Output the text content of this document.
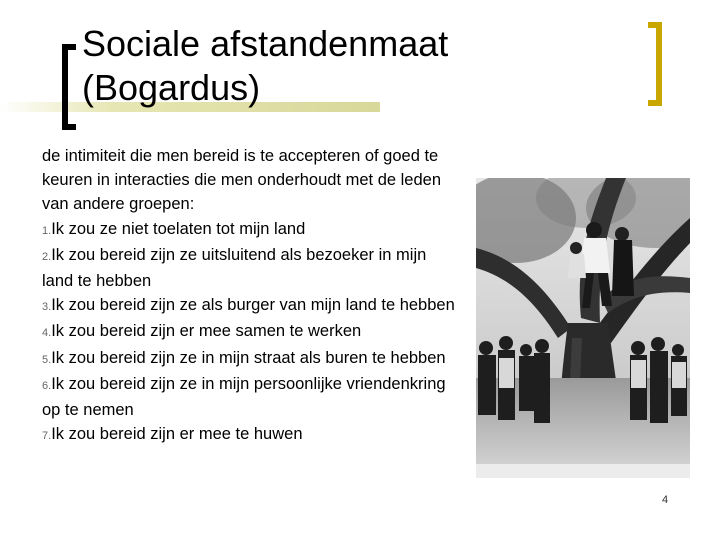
Sociale afstandenmaat
(Bogardus)

de intimiteit die men bereid is te accepteren of goed te keuren in interacties die men onderhoudt met de leden van andere groepen:

1.Ik zou ze niet toelaten tot mijn land
2.Ik zou bereid zijn ze uitsluitend als bezoeker in mijn land te hebben
3.Ik zou bereid zijn ze als burger van mijn land te hebben
4.Ik zou bereid zijn er mee samen te werken
5.Ik zou bereid zijn ze in mijn straat als buren te hebben
6.Ik zou bereid zijn ze in mijn persoonlijke vriendenkring op te nemen
7.Ik zou bereid zijn er mee te huwen
4
